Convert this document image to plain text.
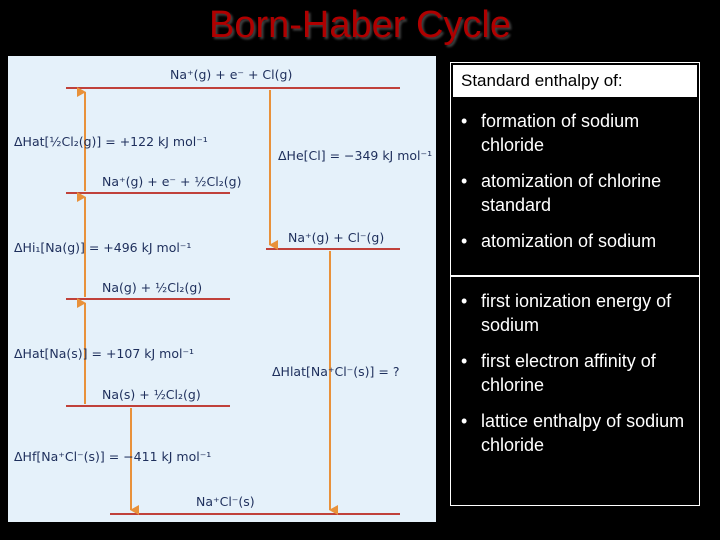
Born-Haber Cycle
Na⁺(g) + e⁻ + Cl(g)
Na⁺(g) + e⁻ + ½Cl₂(g)
Na⁺(g) + Cl⁻(g)
Na(g) + ½Cl₂(g)
Na(s) + ½Cl₂(g)
Na⁺Cl⁻(s)
ΔHat[½Cl₂(g)] = +122 kJ mol⁻¹
ΔHe[Cl] = −349 kJ mol⁻¹
ΔHi₁[Na(g)] = +496 kJ mol⁻¹
ΔHat[Na(s)] = +107 kJ mol⁻¹
ΔHlat[Na⁺Cl⁻(s)] = ?
ΔHf[Na⁺Cl⁻(s)] = −411 kJ mol⁻¹
Standard enthalpy of:
• formation of sodium chloride
• atomization of chlorine standard
• atomization of sodium
• first ionization energy of sodium
• first electron affinity of chlorine
• lattice enthalpy of sodium chloride
